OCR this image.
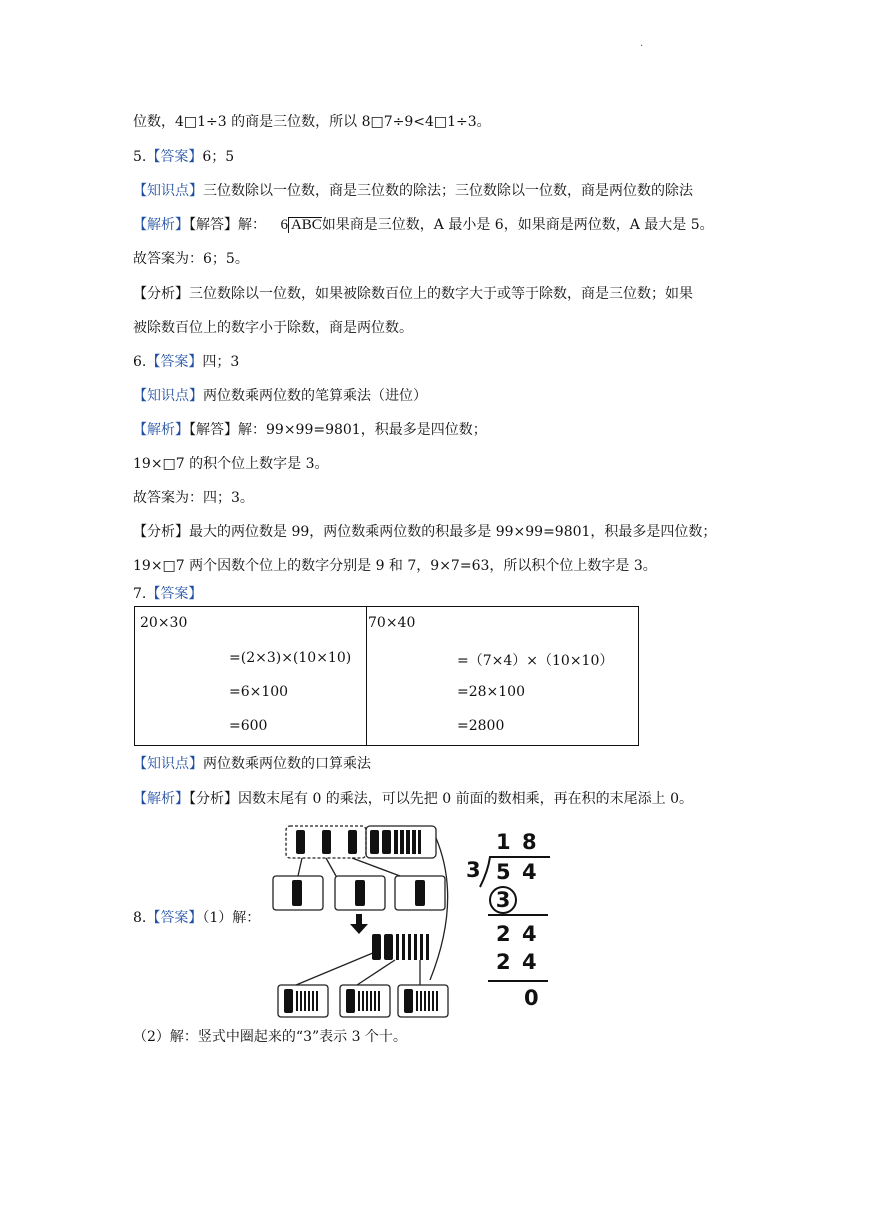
.
位数，4□1÷3 的商是三位数，所以 8□7÷9<4□1÷3。
5.【答案】6；5
【知识点】三位数除以一位数，商是三位数的除法；三位数除以一位数，商是两位数的除法
【解析】【解答】解： 6 ABC如果商是三位数，A 最小是 6，如果商是两位数，A 最大是 5。
故答案为：6；5。
【分析】三位数除以一位数，如果被除数百位上的数字大于或等于除数，商是三位数；如果
被除数百位上的数字小于除数，商是两位数。
6.【答案】四；3
【知识点】两位数乘两位数的笔算乘法（进位）
【解析】【解答】解：99×99=9801，积最多是四位数；
19×□7 的积个位上数字是 3。
故答案为：四；3。
【分析】最大的两位数是 99，两位数乘两位数的积最多是 99×99=9801，积最多是四位数；
19×□7 两个因数个位上的数字分别是 9 和 7，9×7=63，所以积个位上数字是 3。
7.【答案】
20×30
=(2×3)×(10×10)
=6×100
=600

70×40
=（7×4）×（10×10）
=28×100
=2800
【知识点】两位数乘两位数的口算乘法
【解析】【分析】因数末尾有 0 的乘法，可以先把 0 前面的数相乘，再在积的末尾添上 0。
8.【答案】（1）解：
1 8
3 5 4
3
2 4
2 4
0
（2）解：竖式中圈起来的“3”表示 3 个十。
